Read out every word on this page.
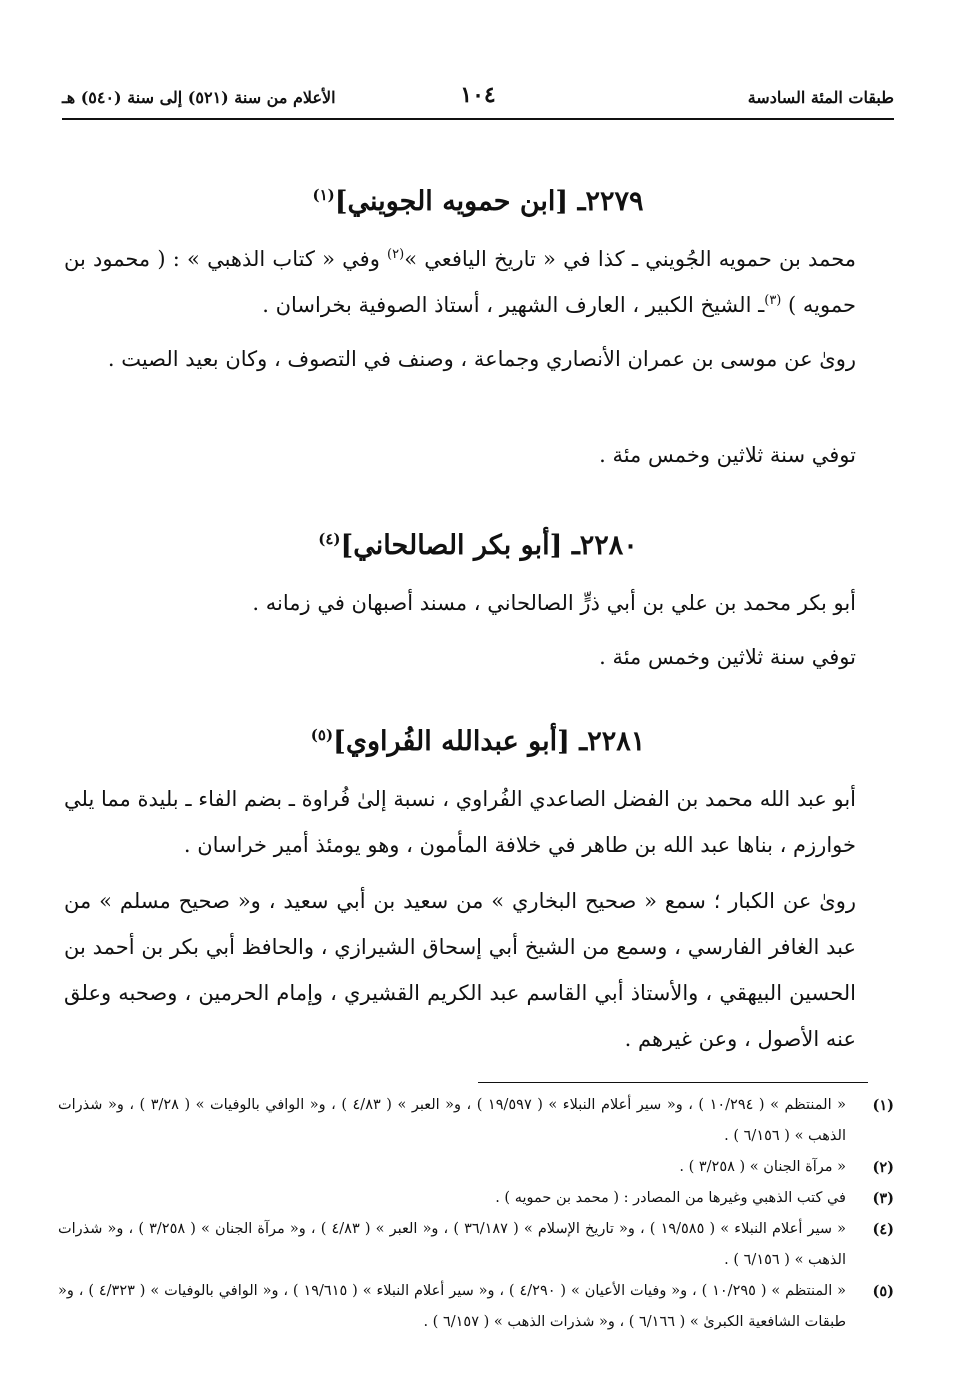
طبقات المئة السادسة
١٠٤
الأعلام من سنة (٥٢١) إلى سنة (٥٤٠) هـ
٢٢٧٩ـ [ابن حمويه الجويني]$^{(١)}$
محمد بن حمويه الجُويني ـ كذا في « تاريخ اليافعي »$^{(٢)}$ وفي « كتاب الذهبي » : ( محمود بن حمويه ) $^{(٣)}$ـ الشيخ الكبير ، العارف الشهير ، أستاذ الصوفية بخراسان .
روىٰ عن موسى بن عمران الأنصاري وجماعة ، وصنف في التصوف ، وكان بعيد الصيت .
توفي سنة ثلاثين وخمس مئة .
٢٢٨٠ـ [أبو بكر الصالحاني]$^{(٤)}$
أبو بكر محمد بن علي بن أبي ذرٍّ الصالحاني ، مسند أصبهان في زمانه .
توفي سنة ثلاثين وخمس مئة .
٢٢٨١ـ [أبو عبدالله الفُراوي]$^{(٥)}$
أبو عبد الله محمد بن الفضل الصاعدي الفُراوي ، نسبة إلىٰ فُراوة ـ بضم الفاء ـ بليدة مما يلي خوارزم ، بناها عبد الله بن طاهر في خلافة المأمون ، وهو يومئذ أمير خراسان .
روىٰ عن الكبار ؛ سمع « صحيح البخاري » من سعيد بن أبي سعيد ، و« صحيح مسلم » من عبد الغافر الفارسي ، وسمع من الشيخ أبي إسحاق الشيرازي ، والحافظ أبي بكر بن أحمد بن الحسين البيهقي ، والأستاذ أبي القاسم عبد الكريم القشيري ، وإمام الحرمين ، وصحبه وعلق عنه الأصول ، وعن غيرهم .
(١)
« المنتظم » ( ١٠/٢٩٤ ) ، و« سير أعلام النبلاء » ( ١٩/٥٩٧ ) ، و« العبر » ( ٤/٨٣ ) ، و« الوافي بالوفيات » ( ٣/٢٨ ) ، و« شذرات الذهب » ( ٦/١٥٦ ) .
(٢)
« مرآة الجنان » ( ٣/٢٥٨ ) .
(٣)
في كتب الذهبي وغيرها من المصادر : ( محمد بن حمويه ) .
(٤)
« سير أعلام النبلاء » ( ١٩/٥٨٥ ) ، و« تاريخ الإسلام » ( ٣٦/١٨٧ ) ، و« العبر » ( ٤/٨٣ ) ، و« مرآة الجنان » ( ٣/٢٥٨ ) ، و« شذرات الذهب » ( ٦/١٥٦ ) .
(٥)
« المنتظم » ( ١٠/٢٩٥ ) ، و« وفيات الأعيان » ( ٤/٢٩٠ ) ، و« سير أعلام النبلاء » ( ١٩/٦١٥ ) ، و« الوافي بالوفيات » ( ٤/٣٢٣ ) ، و« طبقات الشافعية الكبرىٰ » ( ٦/١٦٦ ) ، و« شذرات الذهب » ( ٦/١٥٧ ) .
